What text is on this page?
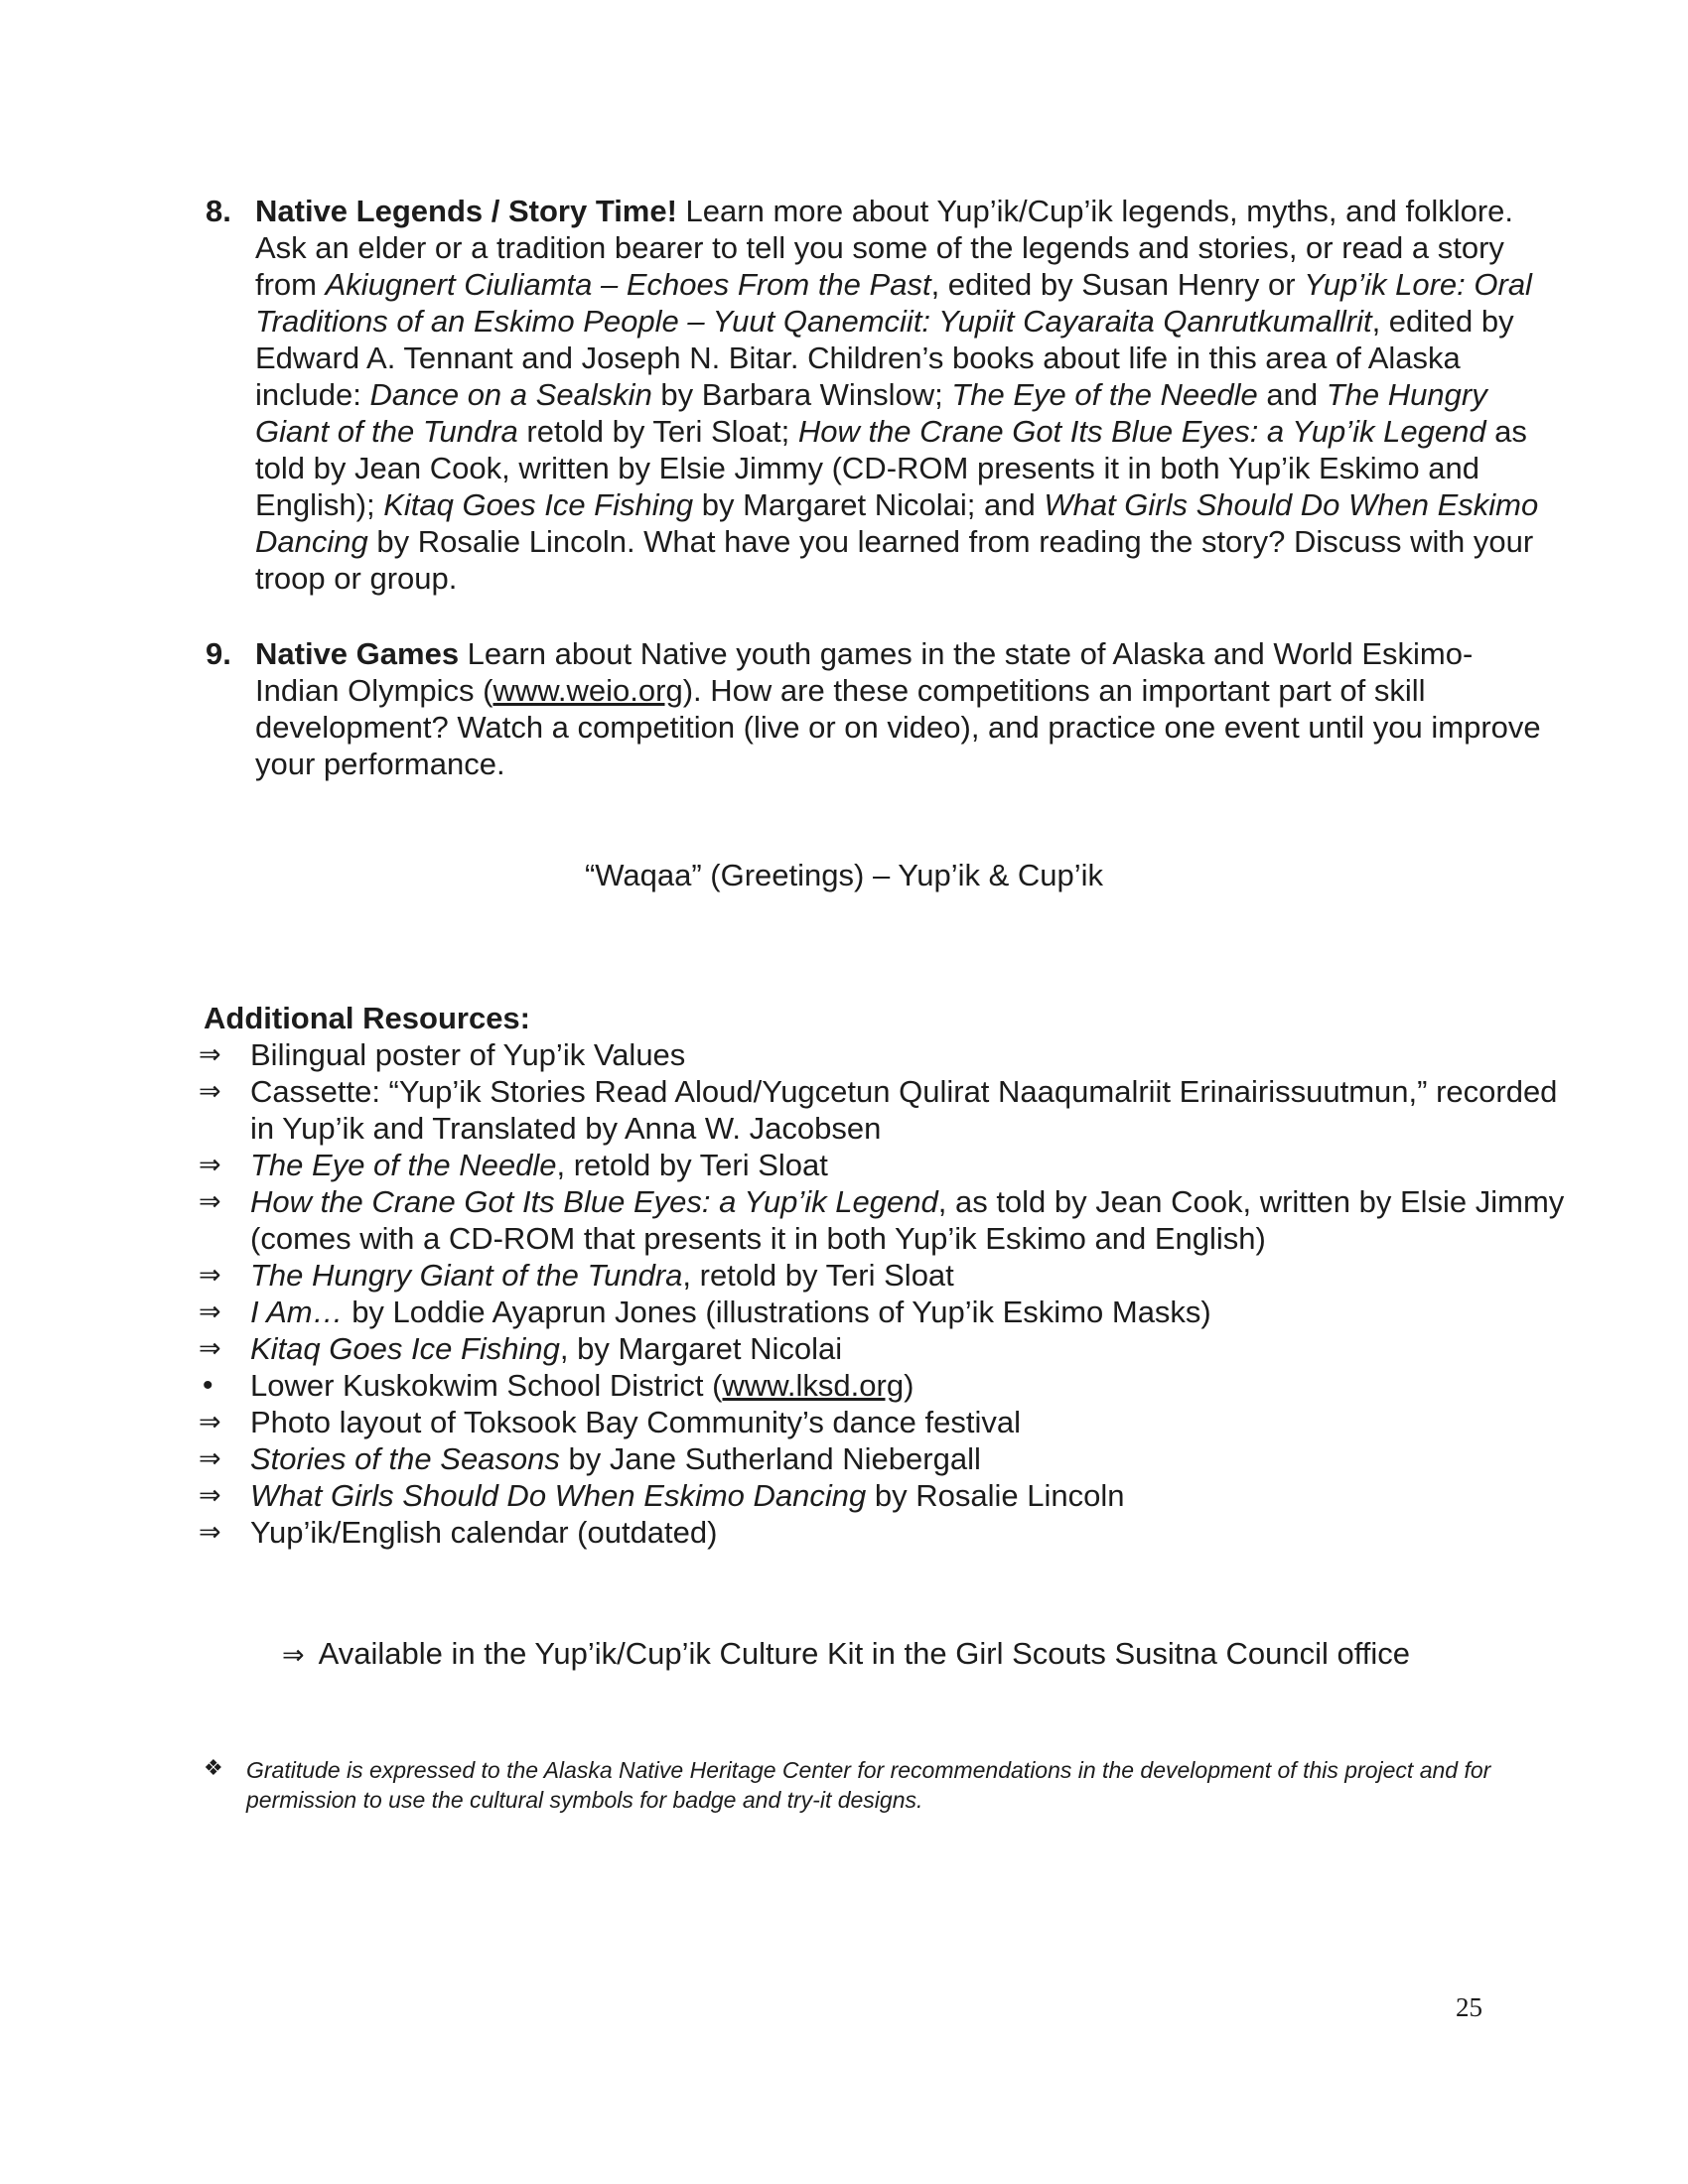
8. Native Legends / Story Time! Learn more about Yup’ik/Cup’ik legends, myths, and folklore. Ask an elder or a tradition bearer to tell you some of the legends and stories, or read a story from Akiugnert Ciuliamta – Echoes From the Past, edited by Susan Henry or Yup’ik Lore: Oral Traditions of an Eskimo People – Yuut Qanemciit: Yupiit Cayaraita Qanrutkumallrit, edited by Edward A. Tennant and Joseph N. Bitar. Children’s books about life in this area of Alaska include: Dance on a Sealskin by Barbara Winslow; The Eye of the Needle and The Hungry Giant of the Tundra retold by Teri Sloat; How the Crane Got Its Blue Eyes: a Yup’ik Legend as told by Jean Cook, written by Elsie Jimmy (CD-ROM presents it in both Yup’ik Eskimo and English); Kitaq Goes Ice Fishing by Margaret Nicolai; and What Girls Should Do When Eskimo Dancing by Rosalie Lincoln. What have you learned from reading the story? Discuss with your troop or group.
9. Native Games Learn about Native youth games in the state of Alaska and World Eskimo-Indian Olympics (www.weio.org). How are these competitions an important part of skill development? Watch a competition (live or on video), and practice one event until you improve your performance.
“Waqaa” (Greetings) – Yup’ik & Cup’ik
Additional Resources:
⇒ Bilingual poster of Yup’ik Values
⇒ Cassette: “Yup’ik Stories Read Aloud/Yugcetun Qulirat Naaqumalriit Erinairissuutmun,” recorded in Yup’ik and Translated by Anna W. Jacobsen
⇒ The Eye of the Needle, retold by Teri Sloat
⇒ How the Crane Got Its Blue Eyes: a Yup’ik Legend, as told by Jean Cook, written by Elsie Jimmy (comes with a CD-ROM that presents it in both Yup’ik Eskimo and English)
⇒ The Hungry Giant of the Tundra, retold by Teri Sloat
⇒ I Am… by Loddie Ayaprun Jones (illustrations of Yup’ik Eskimo Masks)
⇒ Kitaq Goes Ice Fishing, by Margaret Nicolai
• Lower Kuskokwim School District (www.lksd.org)
⇒ Photo layout of Toksook Bay Community’s dance festival
⇒ Stories of the Seasons by Jane Sutherland Niebergall
⇒ What Girls Should Do When Eskimo Dancing by Rosalie Lincoln
⇒ Yup’ik/English calendar (outdated)
⇒ Available in the Yup’ik/Cup’ik Culture Kit in the Girl Scouts Susitna Council office
❖ Gratitude is expressed to the Alaska Native Heritage Center for recommendations in the development of this project and for permission to use the cultural symbols for badge and try-it designs.
25
